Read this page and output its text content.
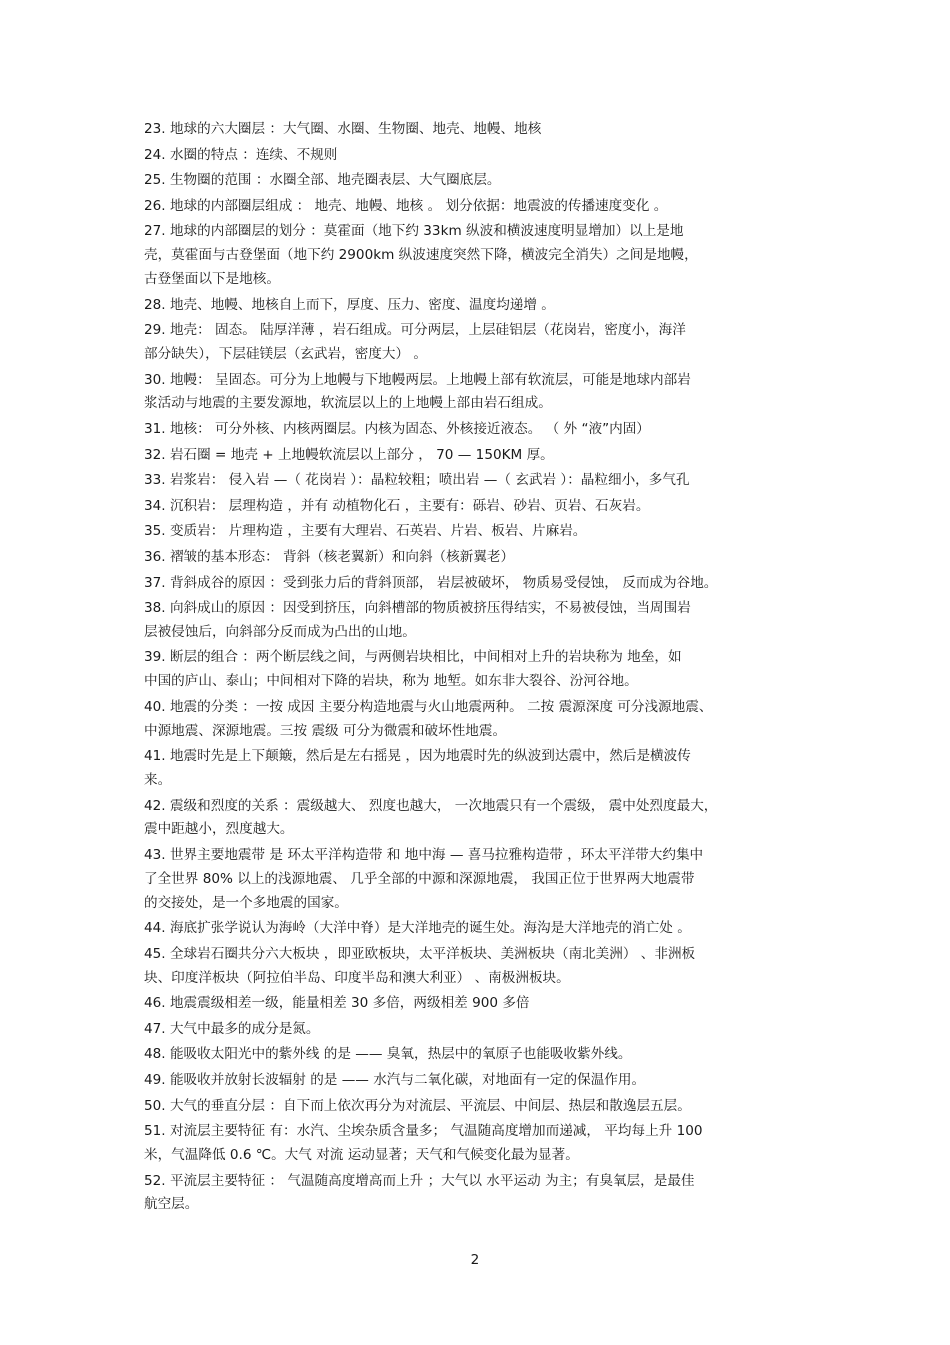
23. 地球的六大圈层 ：大气圈、水圈、生物圈、地壳、地幔、地核
24. 水圈的特点 ：连续、不规则
25. 生物圈的范围 ：水圈全部、地壳圈表层、大气圈底层。
26. 地球的内部圈层组成 ： 地壳、地幔、地核 。 划分依据：地震波的传播速度变化 。
27. 地球的内部圈层的划分 ：莫霍面（地下约 33km 纵波和横波速度明显增加）以上是地
壳，莫霍面与古登堡面（地下约 2900km 纵波速度突然下降，横波完全消失）之间是地幔，
古登堡面以下是地核。
28. 地壳、地幔、地核自上而下，厚度、压力、密度、温度均递增 。
29. 地壳： 固态。 陆厚洋薄 ，岩石组成。可分两层，上层硅铝层（花岗岩，密度小，海洋
部分缺失），下层硅镁层（玄武岩，密度大） 。
30. 地幔： 呈固态。可分为上地幔与下地幔两层。上地幔上部有软流层，可能是地球内部岩
浆活动与地震的主要发源地，软流层以上的上地幔上部由岩石组成。
31. 地核： 可分外核、内核两圈层。内核为固态、外核接近液态。 （ 外 “液”内固）
32. 岩石圈 = 地壳 + 上地幔软流层以上部分 ， 70 — 150KM 厚。
33. 岩浆岩： 侵入岩 —（ 花岗岩 ）：晶粒较粗；喷出岩 —（ 玄武岩 ）：晶粒细小，多气孔
34. 沉积岩： 层理构造 ，并有 动植物化石 ，主要有：砾岩、砂岩、页岩、石灰岩。
35. 变质岩： 片理构造 ，主要有大理岩、石英岩、片岩、板岩、片麻岩。
36. 褶皱的基本形态： 背斜（核老翼新）和向斜（核新翼老）
37. 背斜成谷的原因 ：受到张力后的背斜顶部， 岩层被破坏， 物质易受侵蚀， 反而成为谷地。
38. 向斜成山的原因 ：因受到挤压，向斜槽部的物质被挤压得结实，不易被侵蚀，当周围岩
层被侵蚀后，向斜部分反而成为凸出的山地。
39. 断层的组合 ：两个断层线之间，与两侧岩块相比，中间相对上升的岩块称为 地垒，如
中国的庐山、泰山；中间相对下降的岩块，称为 地堑。如东非大裂谷、汾河谷地。
40. 地震的分类 ：一按 成因 主要分构造地震与火山地震两种。 二按 震源深度 可分浅源地震、
中源地震、深源地震。三按 震级 可分为微震和破坏性地震。
41. 地震时先是上下颠簸，然后是左右摇晃 ，因为地震时先的纵波到达震中，然后是横波传
来。
42. 震级和烈度的关系 ：震级越大、 烈度也越大， 一次地震只有一个震级， 震中处烈度最大，
震中距越小，烈度越大。
43. 世界主要地震带 是 环太平洋构造带 和 地中海 — 喜马拉雅构造带 ，环太平洋带大约集中
了全世界 80% 以上的浅源地震、 几乎全部的中源和深源地震， 我国正位于世界两大地震带
的交接处，是一个多地震的国家。
44. 海底扩张学说认为海岭（大洋中脊）是大洋地壳的诞生处。海沟是大洋地壳的消亡处 。
45. 全球岩石圈共分六大板块 ，即亚欧板块，太平洋板块、美洲板块（南北美洲） 、非洲板
块、印度洋板块（阿拉伯半岛、印度半岛和澳大利亚） 、南极洲板块。
46. 地震震级相差一级，能量相差 30 多倍，两级相差 900 多倍
47. 大气中最多的成分是氮。
48. 能吸收太阳光中的紫外线 的是 —— 臭氧，热层中的氧原子也能吸收紫外线。
49. 能吸收并放射长波辐射 的是 —— 水汽与二氧化碳，对地面有一定的保温作用。
50. 大气的垂直分层 ：自下而上依次再分为对流层、平流层、中间层、热层和散逸层五层。
51. 对流层主要特征 有：水汽、尘埃杂质含量多； 气温随高度增加而递减， 平均每上升 100
米，气温降低 0.6 ℃。大气 对流 运动显著；天气和气候变化最为显著。
52. 平流层主要特征 ： 气温随高度增高而上升 ；大气以 水平运动 为主；有臭氧层，是最佳
航空层。
2
